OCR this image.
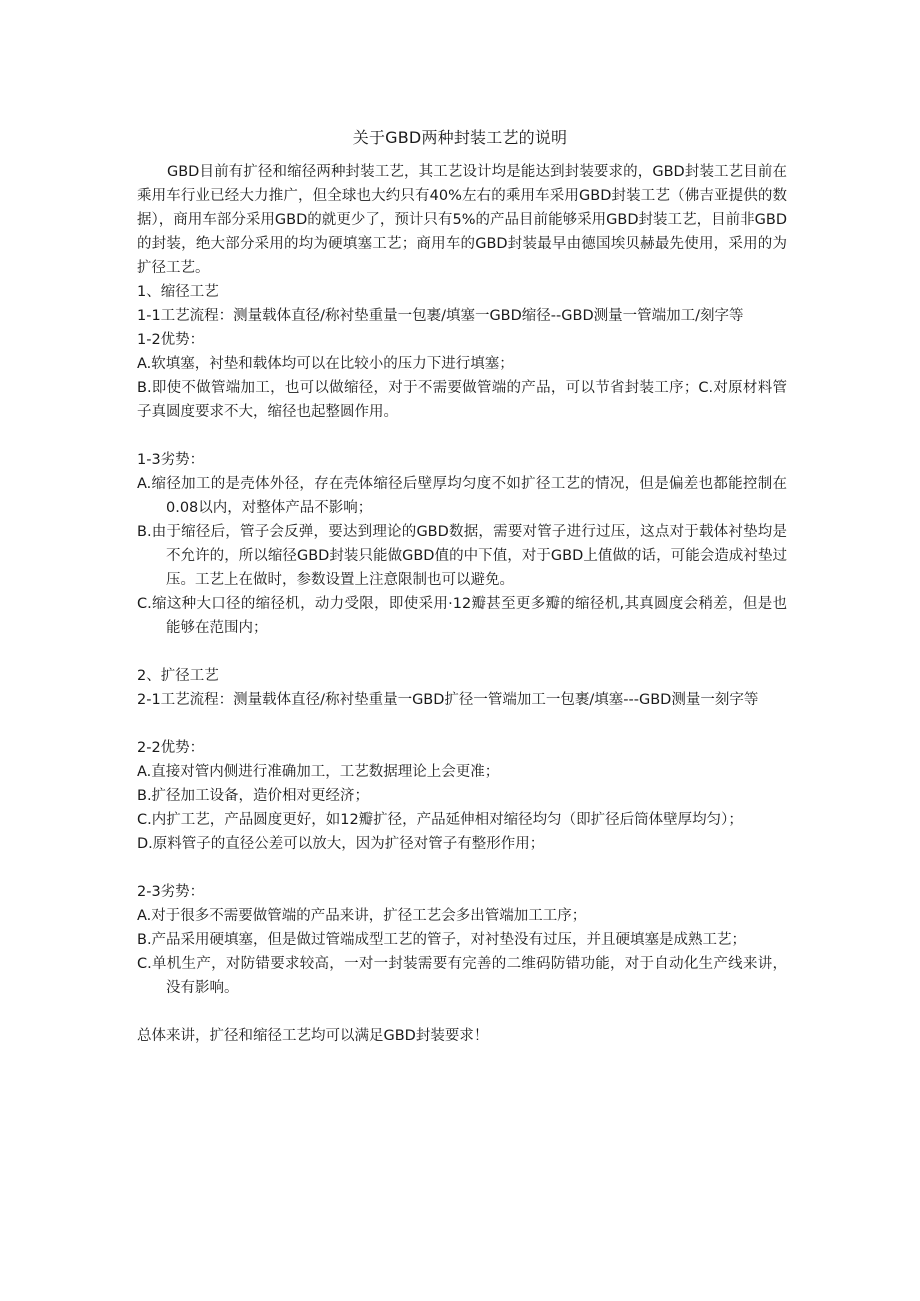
关于GBD两种封装工艺的说明

GBD目前有扩径和缩径两种封装工艺，其工艺设计均是能达到封装要求的，GBD封装工艺目前在乘用车行业已经大力推广，但全球也大约只有40%左右的乘用车采用GBD封装工艺（佛吉亚提供的数据），商用车部分采用GBD的就更少了，预计只有5%的产品目前能够采用GBD封装工艺，目前非GBD的封装，绝大部分采用的均为硬填塞工艺；商用车的GBD封装最早由德国埃贝赫最先使用，采用的为扩径工艺。

1、缩径工艺

1-1工艺流程：测量载体直径/称衬垫重量一包裹/填塞一GBD缩径--GBD测量一管端加工/刻字等

1-2优势：

A.软填塞，衬垫和载体均可以在比较小的压力下进行填塞；

B.即使不做管端加工，也可以做缩径，对于不需要做管端的产品，可以节省封装工序；C.对原材料管子真圆度要求不大，缩径也起整圆作用。

1-3劣势：

A.缩径加工的是壳体外径，存在壳体缩径后壁厚均匀度不如扩径工艺的情况，但是偏差也都能控制在0.08以内，对整体产品不影响；

B.由于缩径后，管子会反弹，要达到理论的GBD数据，需要对管子进行过压，这点对于载体衬垫均是不允许的，所以缩径GBD封装只能做GBD值的中下值，对于GBD上值做的话，可能会造成衬垫过压。工艺上在做时，参数设置上注意限制也可以避免。

C.缩这种大口径的缩径机，动力受限，即使采用·12瓣甚至更多瓣的缩径机,其真圆度会稍差，但是也能够在范围内；

2、扩径工艺

2-1工艺流程：测量载体直径/称衬垫重量一GBD扩径一管端加工一包裹/填塞---GBD测量一刻字等

2-2优势：

A.直接对管内侧进行准确加工，工艺数据理论上会更准；

B.扩径加工设备，造价相对更经济；

C.内扩工艺，产品圆度更好，如12瓣扩径，产品延伸相对缩径均匀（即扩径后筒体壁厚均匀）；

D.原料管子的直径公差可以放大，因为扩径对管子有整形作用；

2-3劣势：

A.对于很多不需要做管端的产品来讲，扩径工艺会多出管端加工工序；

B.产品采用硬填塞，但是做过管端成型工艺的管子，对衬垫没有过压，并且硬填塞是成熟工艺；

C.单机生产，对防错要求较高，一对一封装需要有完善的二维码防错功能，对于自动化生产线来讲，没有影响。

总体来讲，扩径和缩径工艺均可以满足GBD封装要求！
